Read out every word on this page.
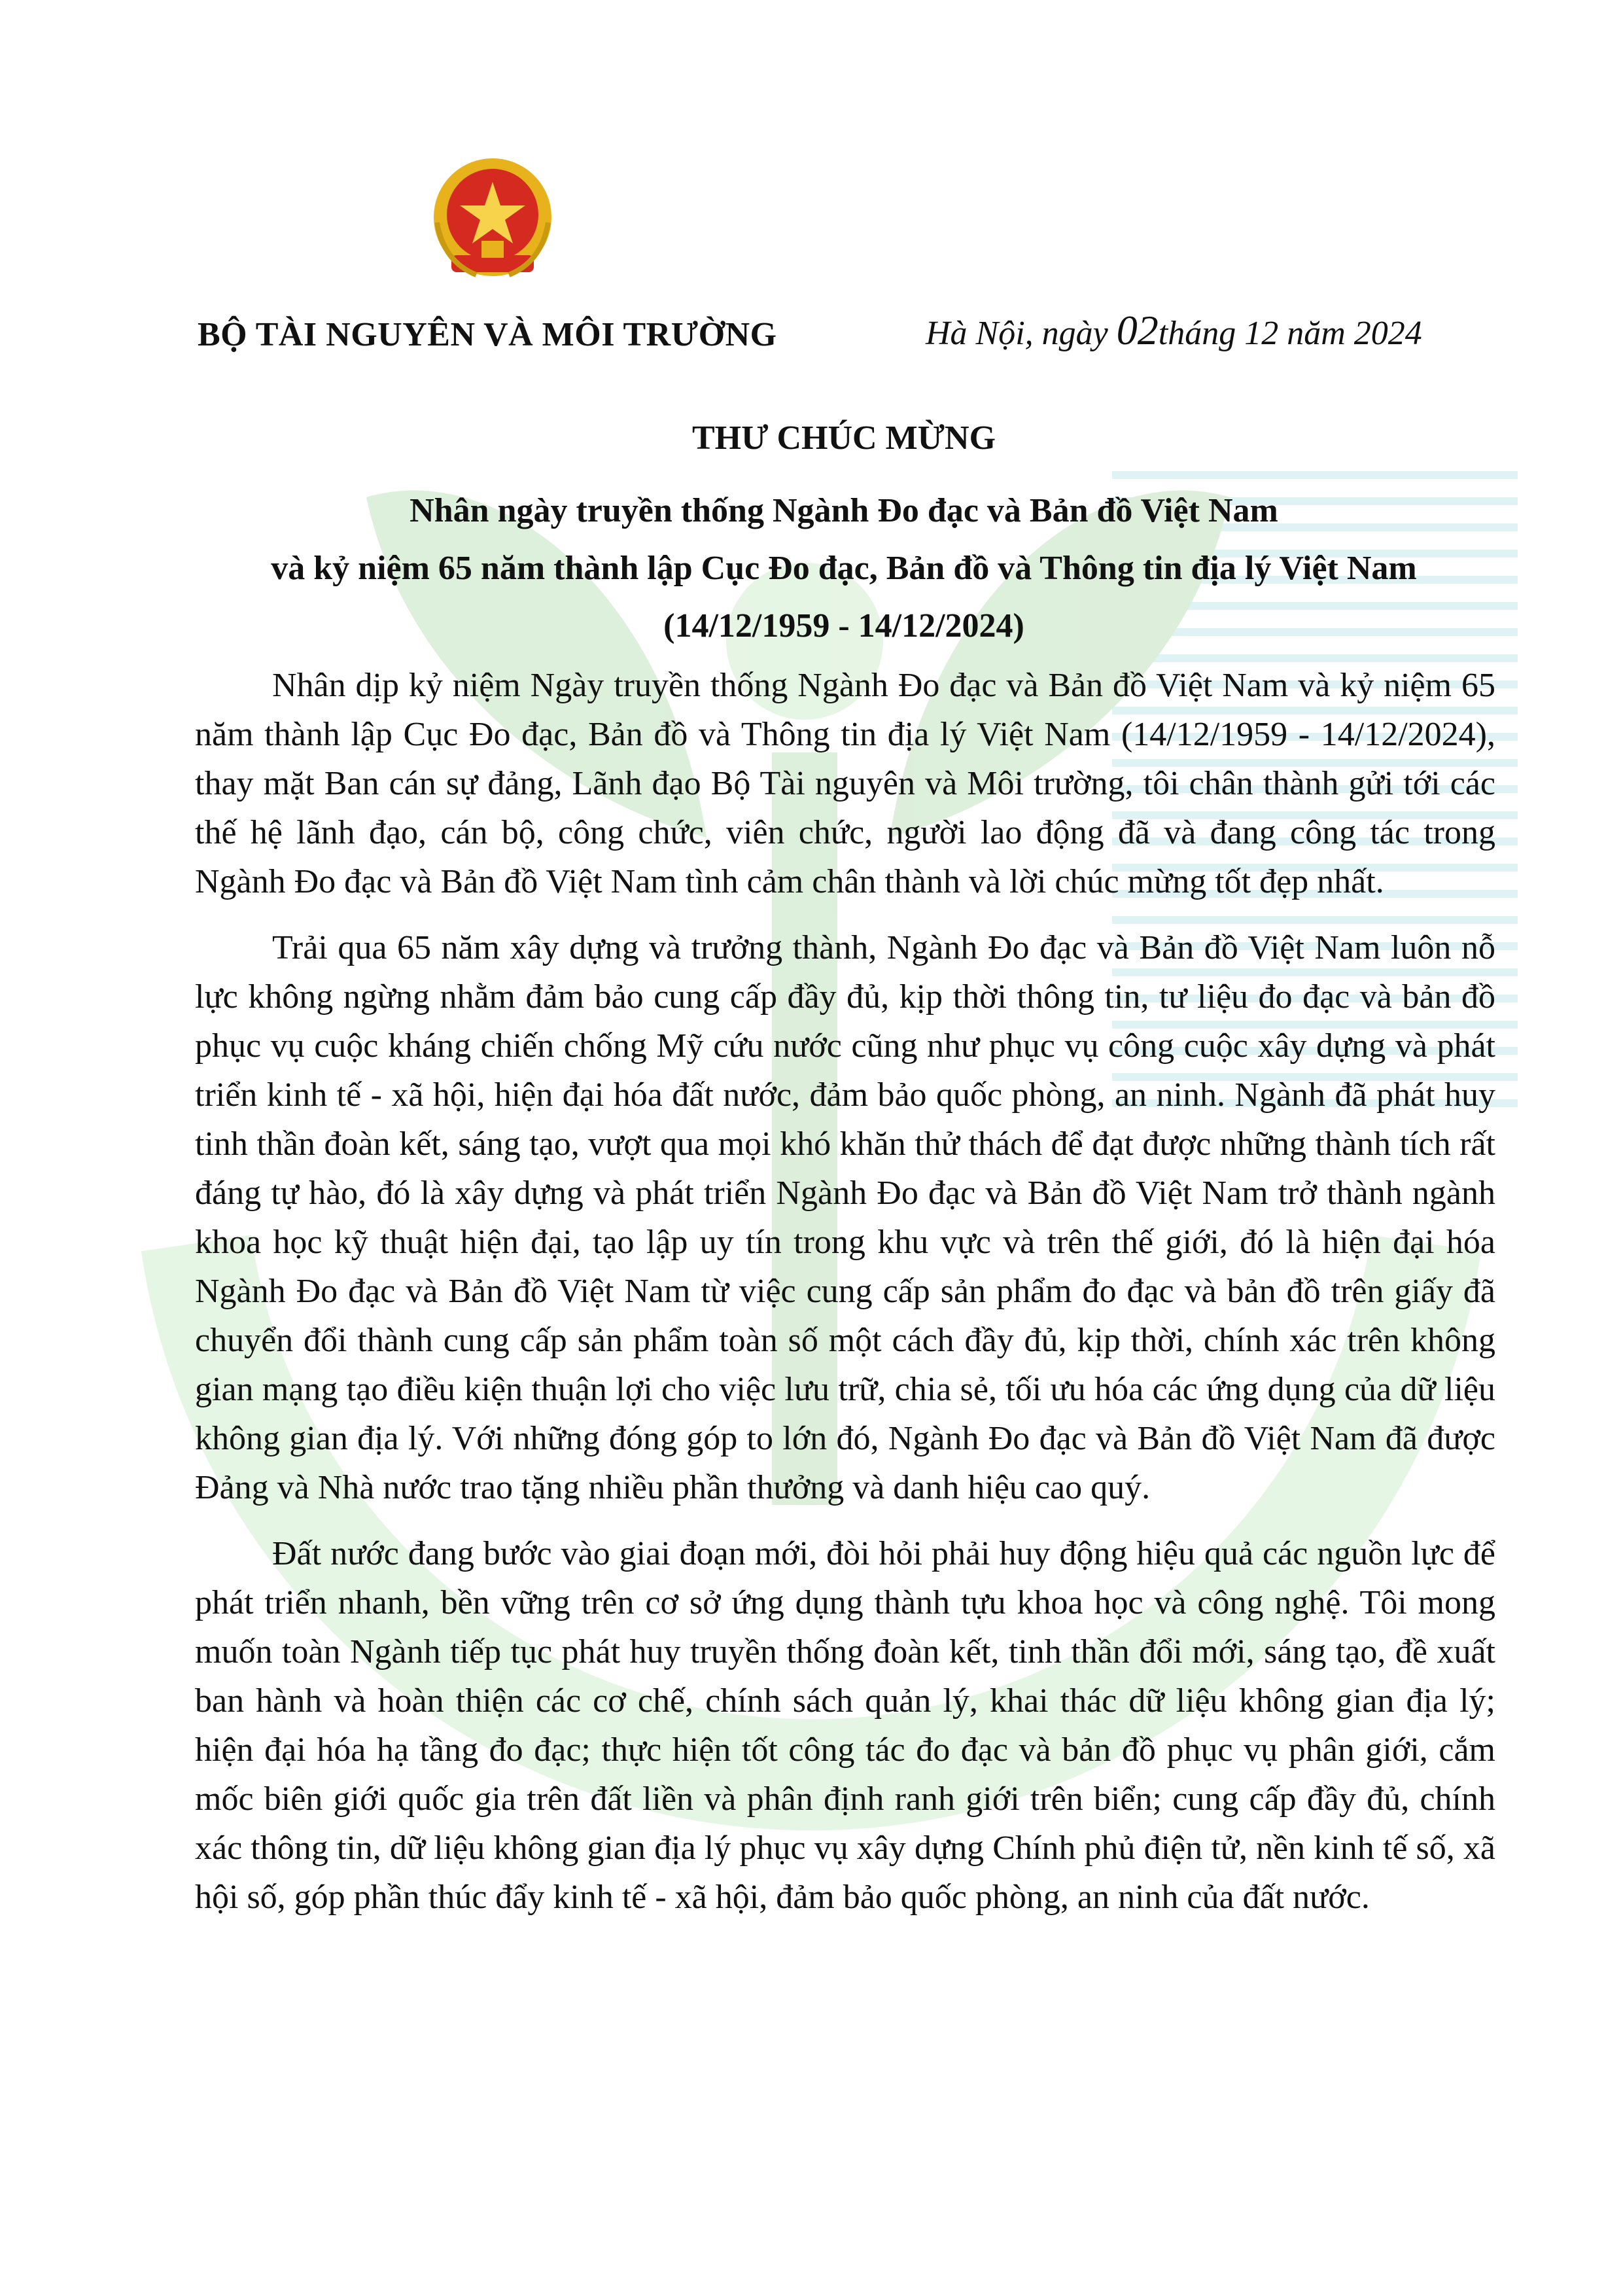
BỘ TÀI NGUYÊN VÀ MÔI TRƯỜNG	Hà Nội, ngày 02tháng 12 năm 2024
THƯ CHÚC MỪNG
Nhân ngày truyền thống Ngành Đo đạc và Bản đồ Việt Nam
và kỷ niệm 65 năm thành lập Cục Đo đạc, Bản đồ và Thông tin địa lý Việt Nam
(14/12/1959 - 14/12/2024)

Nhân dịp kỷ niệm Ngày truyền thống Ngành Đo đạc và Bản đồ Việt Nam và kỷ niệm 65 năm thành lập Cục Đo đạc, Bản đồ và Thông tin địa lý Việt Nam (14/12/1959 - 14/12/2024), thay mặt Ban cán sự đảng, Lãnh đạo Bộ Tài nguyên và Môi trường, tôi chân thành gửi tới các thế hệ lãnh đạo, cán bộ, công chức, viên chức, người lao động đã và đang công tác trong Ngành Đo đạc và Bản đồ Việt Nam tình cảm chân thành và lời chúc mừng tốt đẹp nhất.

Trải qua 65 năm xây dựng và trưởng thành, Ngành Đo đạc và Bản đồ Việt Nam luôn nỗ lực không ngừng nhằm đảm bảo cung cấp đầy đủ, kịp thời thông tin, tư liệu đo đạc và bản đồ phục vụ cuộc kháng chiến chống Mỹ cứu nước cũng như phục vụ công cuộc xây dựng và phát triển kinh tế - xã hội, hiện đại hóa đất nước, đảm bảo quốc phòng, an ninh. Ngành đã phát huy tinh thần đoàn kết, sáng tạo, vượt qua mọi khó khăn thử thách để đạt được những thành tích rất đáng tự hào, đó là xây dựng và phát triển Ngành Đo đạc và Bản đồ Việt Nam trở thành ngành khoa học kỹ thuật hiện đại, tạo lập uy tín trong khu vực và trên thế giới, đó là hiện đại hóa Ngành Đo đạc và Bản đồ Việt Nam từ việc cung cấp sản phẩm đo đạc và bản đồ trên giấy đã chuyển đổi thành cung cấp sản phẩm toàn số một cách đầy đủ, kịp thời, chính xác trên không gian mạng tạo điều kiện thuận lợi cho việc lưu trữ, chia sẻ, tối ưu hóa các ứng dụng của dữ liệu không gian địa lý. Với những đóng góp to lớn đó, Ngành Đo đạc và Bản đồ Việt Nam đã được Đảng và Nhà nước trao tặng nhiều phần thưởng và danh hiệu cao quý.

Đất nước đang bước vào giai đoạn mới, đòi hỏi phải huy động hiệu quả các nguồn lực để phát triển nhanh, bền vững trên cơ sở ứng dụng thành tựu khoa học và công nghệ. Tôi mong muốn toàn Ngành tiếp tục phát huy truyền thống đoàn kết, tinh thần đổi mới, sáng tạo, đề xuất ban hành và hoàn thiện các cơ chế, chính sách quản lý, khai thác dữ liệu không gian địa lý; hiện đại hóa hạ tầng đo đạc; thực hiện tốt công tác đo đạc và bản đồ phục vụ phân giới, cắm mốc biên giới quốc gia trên đất liền và phân định ranh giới trên biển; cung cấp đầy đủ, chính xác thông tin, dữ liệu không gian địa lý phục vụ xây dựng Chính phủ điện tử, nền kinh tế số, xã hội số, góp phần thúc đẩy kinh tế - xã hội, đảm bảo quốc phòng, an ninh của đất nước.
